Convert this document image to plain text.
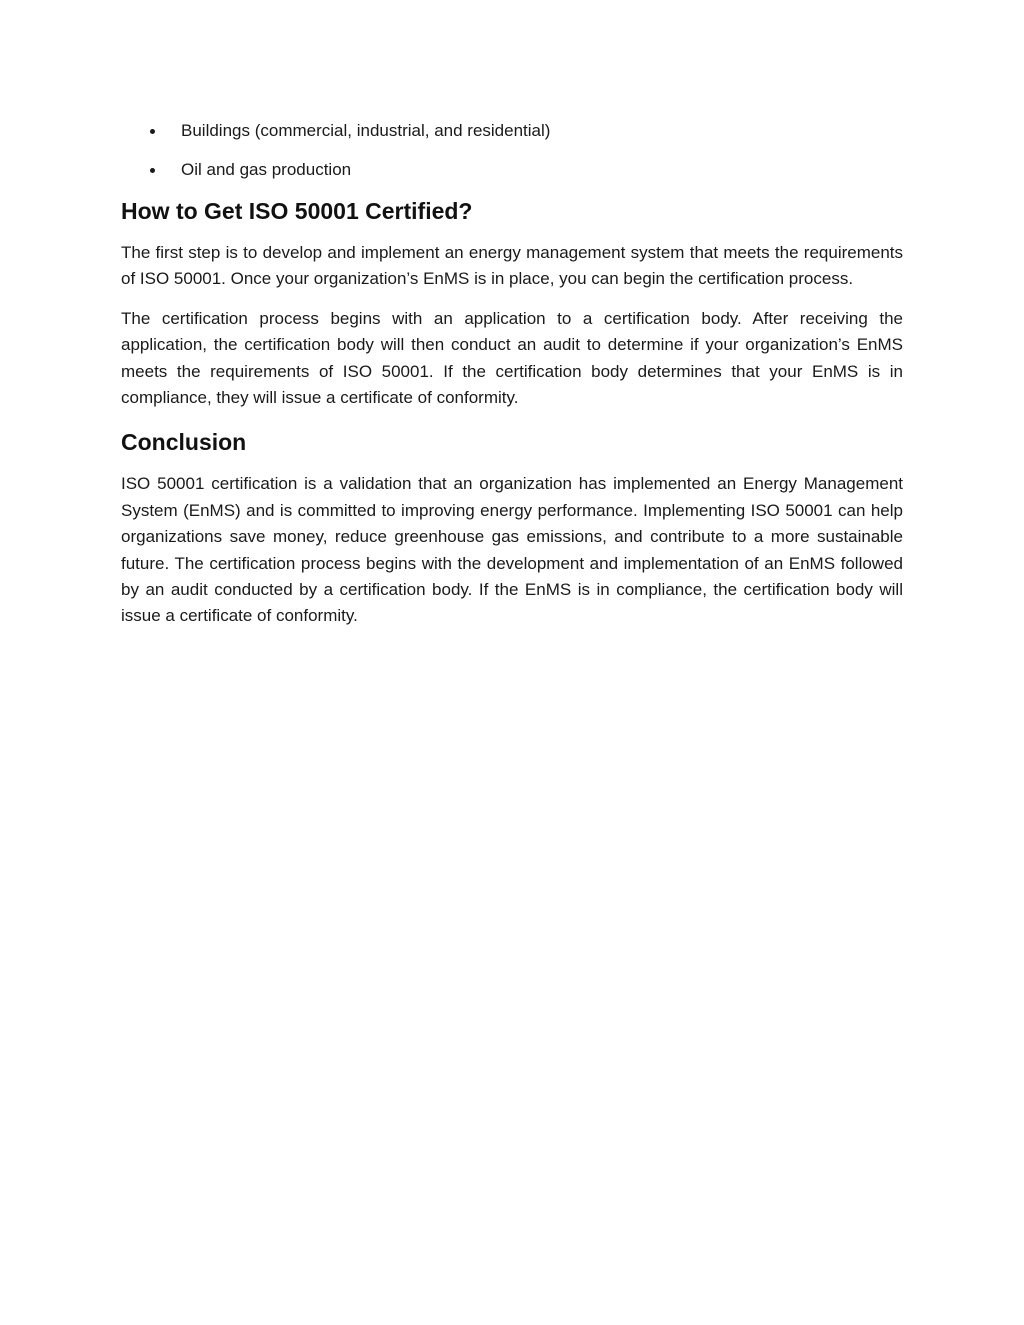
Buildings (commercial, industrial, and residential)
Oil and gas production
How to Get ISO 50001 Certified?

The first step is to develop and implement an energy management system that meets the requirements of ISO 50001. Once your organization’s EnMS is in place, you can begin the certification process.

The certification process begins with an application to a certification body. After receiving the application, the certification body will then conduct an audit to determine if your organization’s EnMS meets the requirements of ISO 50001. If the certification body determines that your EnMS is in compliance, they will issue a certificate of conformity.

Conclusion

ISO 50001 certification is a validation that an organization has implemented an Energy Management System (EnMS) and is committed to improving energy performance. Implementing ISO 50001 can help organizations save money, reduce greenhouse gas emissions, and contribute to a more sustainable future. The certification process begins with the development and implementation of an EnMS followed by an audit conducted by a certification body. If the EnMS is in compliance, the certification body will issue a certificate of conformity.
